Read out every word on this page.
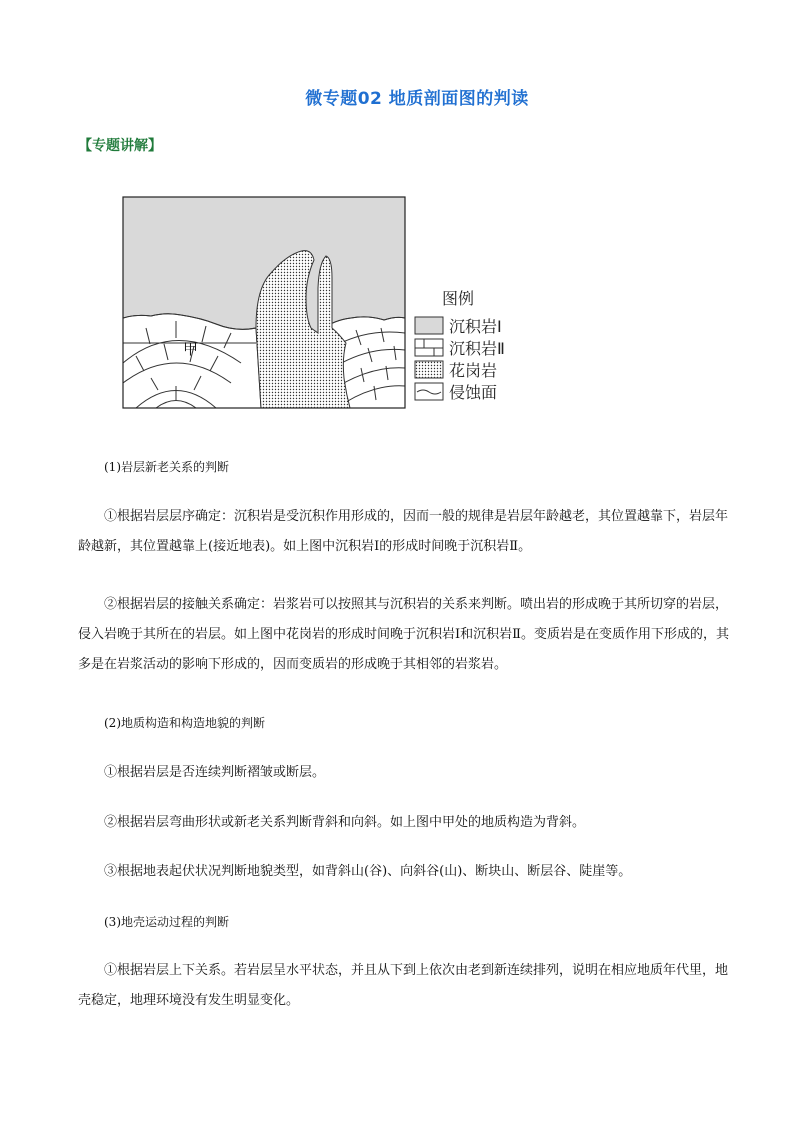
微专题02 地质剖面图的判读
【专题讲解】
甲
图例
沉积岩Ⅰ
沉积岩Ⅱ
花岗岩
侵蚀面
(1)岩层新老关系的判断
①根据岩层层序确定：沉积岩是受沉积作用形成的，因而一般的规律是岩层年龄越老，其位置越靠下，岩层年龄越新，其位置越靠上(接近地表)。如上图中沉积岩Ⅰ的形成时间晚于沉积岩Ⅱ。
②根据岩层的接触关系确定：岩浆岩可以按照其与沉积岩的关系来判断。喷出岩的形成晚于其所切穿的岩层，侵入岩晚于其所在的岩层。如上图中花岗岩的形成时间晚于沉积岩Ⅰ和沉积岩Ⅱ。变质岩是在变质作用下形成的，其多是在岩浆活动的影响下形成的，因而变质岩的形成晚于其相邻的岩浆岩。
(2)地质构造和构造地貌的判断
①根据岩层是否连续判断褶皱或断层。
②根据岩层弯曲形状或新老关系判断背斜和向斜。如上图中甲处的地质构造为背斜。
③根据地表起伏状况判断地貌类型，如背斜山(谷)、向斜谷(山)、断块山、断层谷、陡崖等。
(3)地壳运动过程的判断
①根据岩层上下关系。若岩层呈水平状态，并且从下到上依次由老到新连续排列，说明在相应地质年代里，地壳稳定，地理环境没有发生明显变化。
